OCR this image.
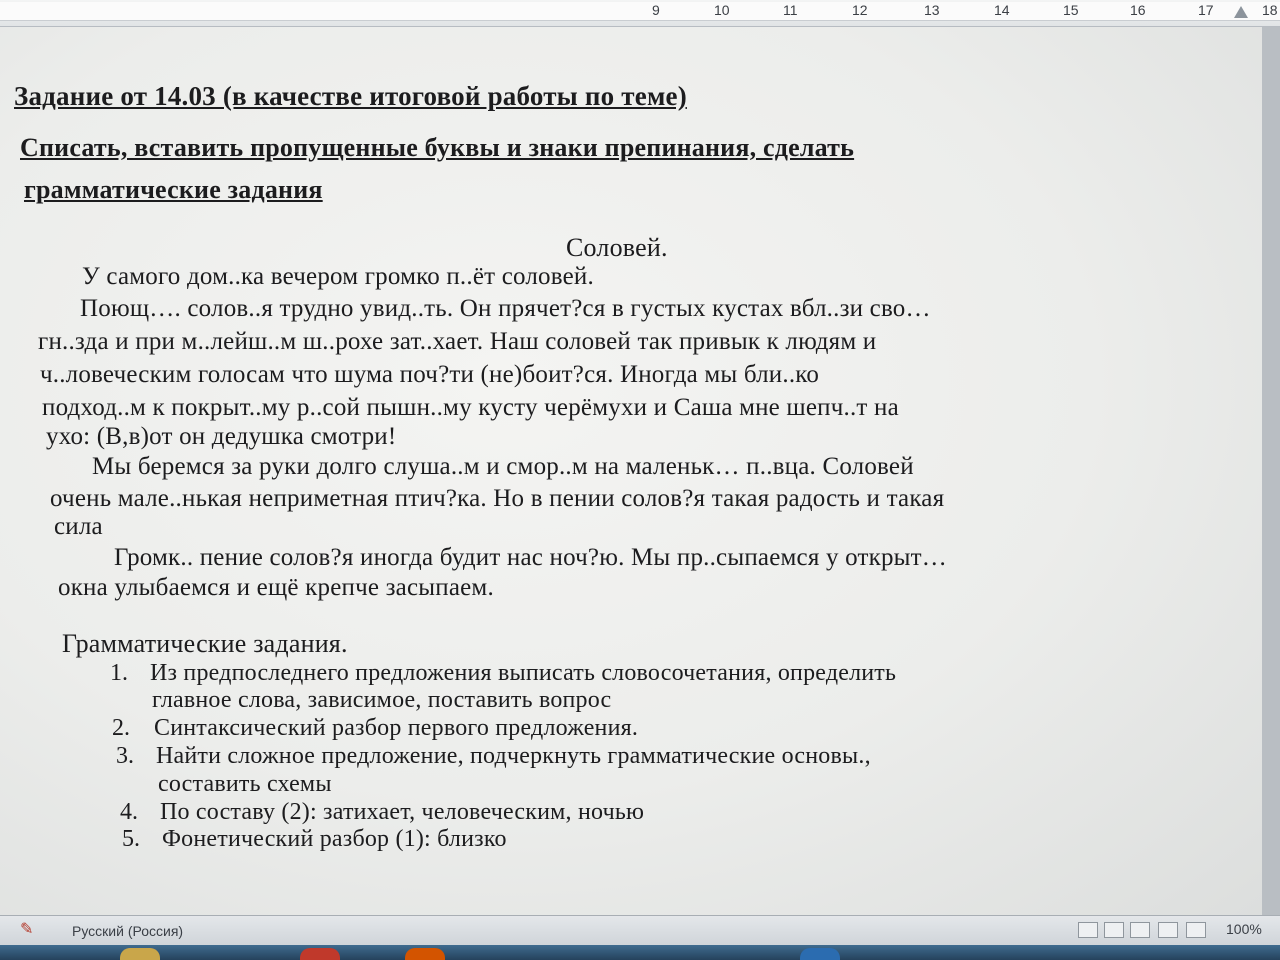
9	10	11	12	13	14	15	16	17	18
Задание от 14.03 (в качестве итоговой работы по теме)
Списать, вставить пропущенные буквы и знаки препинания, сделать
грамматические задания
Соловей.
У самого дом..ка вечером громко п..ёт соловей.
Поющ…. солов..я трудно увид..ть. Он прячет?ся в густых кустах вбл..зи сво…
гн..зда и при м..лейш..м ш..рохе зат..хает. Наш соловей так привык к людям и
ч..ловеческим голосам что шума поч?ти (не)боит?ся. Иногда мы бли..ко
подход..м к покрыт..му р..сой пышн..му кусту черёмухи и Саша мне шепч..т на
ухо: (В,в)от он дедушка смотри!
Мы беремся за руки долго слуша..м и смор..м на маленьк… п..вца. Соловей
очень мале..нькая неприметная птич?ка. Но в пении солов?я такая радость и такая
сила
Громк.. пение солов?я иногда будит нас ноч?ю. Мы пр..сыпаемся у открыт…
окна улыбаемся и ещё крепче засыпаем.
Грамматические задания.
1. Из предпоследнего предложения выписать словосочетания, определить
главное слова, зависимое, поставить вопрос
2. Синтаксический разбор первого предложения.
3. Найти сложное предложение, подчеркнуть грамматические основы.,
составить схемы
4. По составу (2): затихает, человеческим, ночью
5. Фонетический разбор (1): близко
✎	Русский (Россия)	100%
